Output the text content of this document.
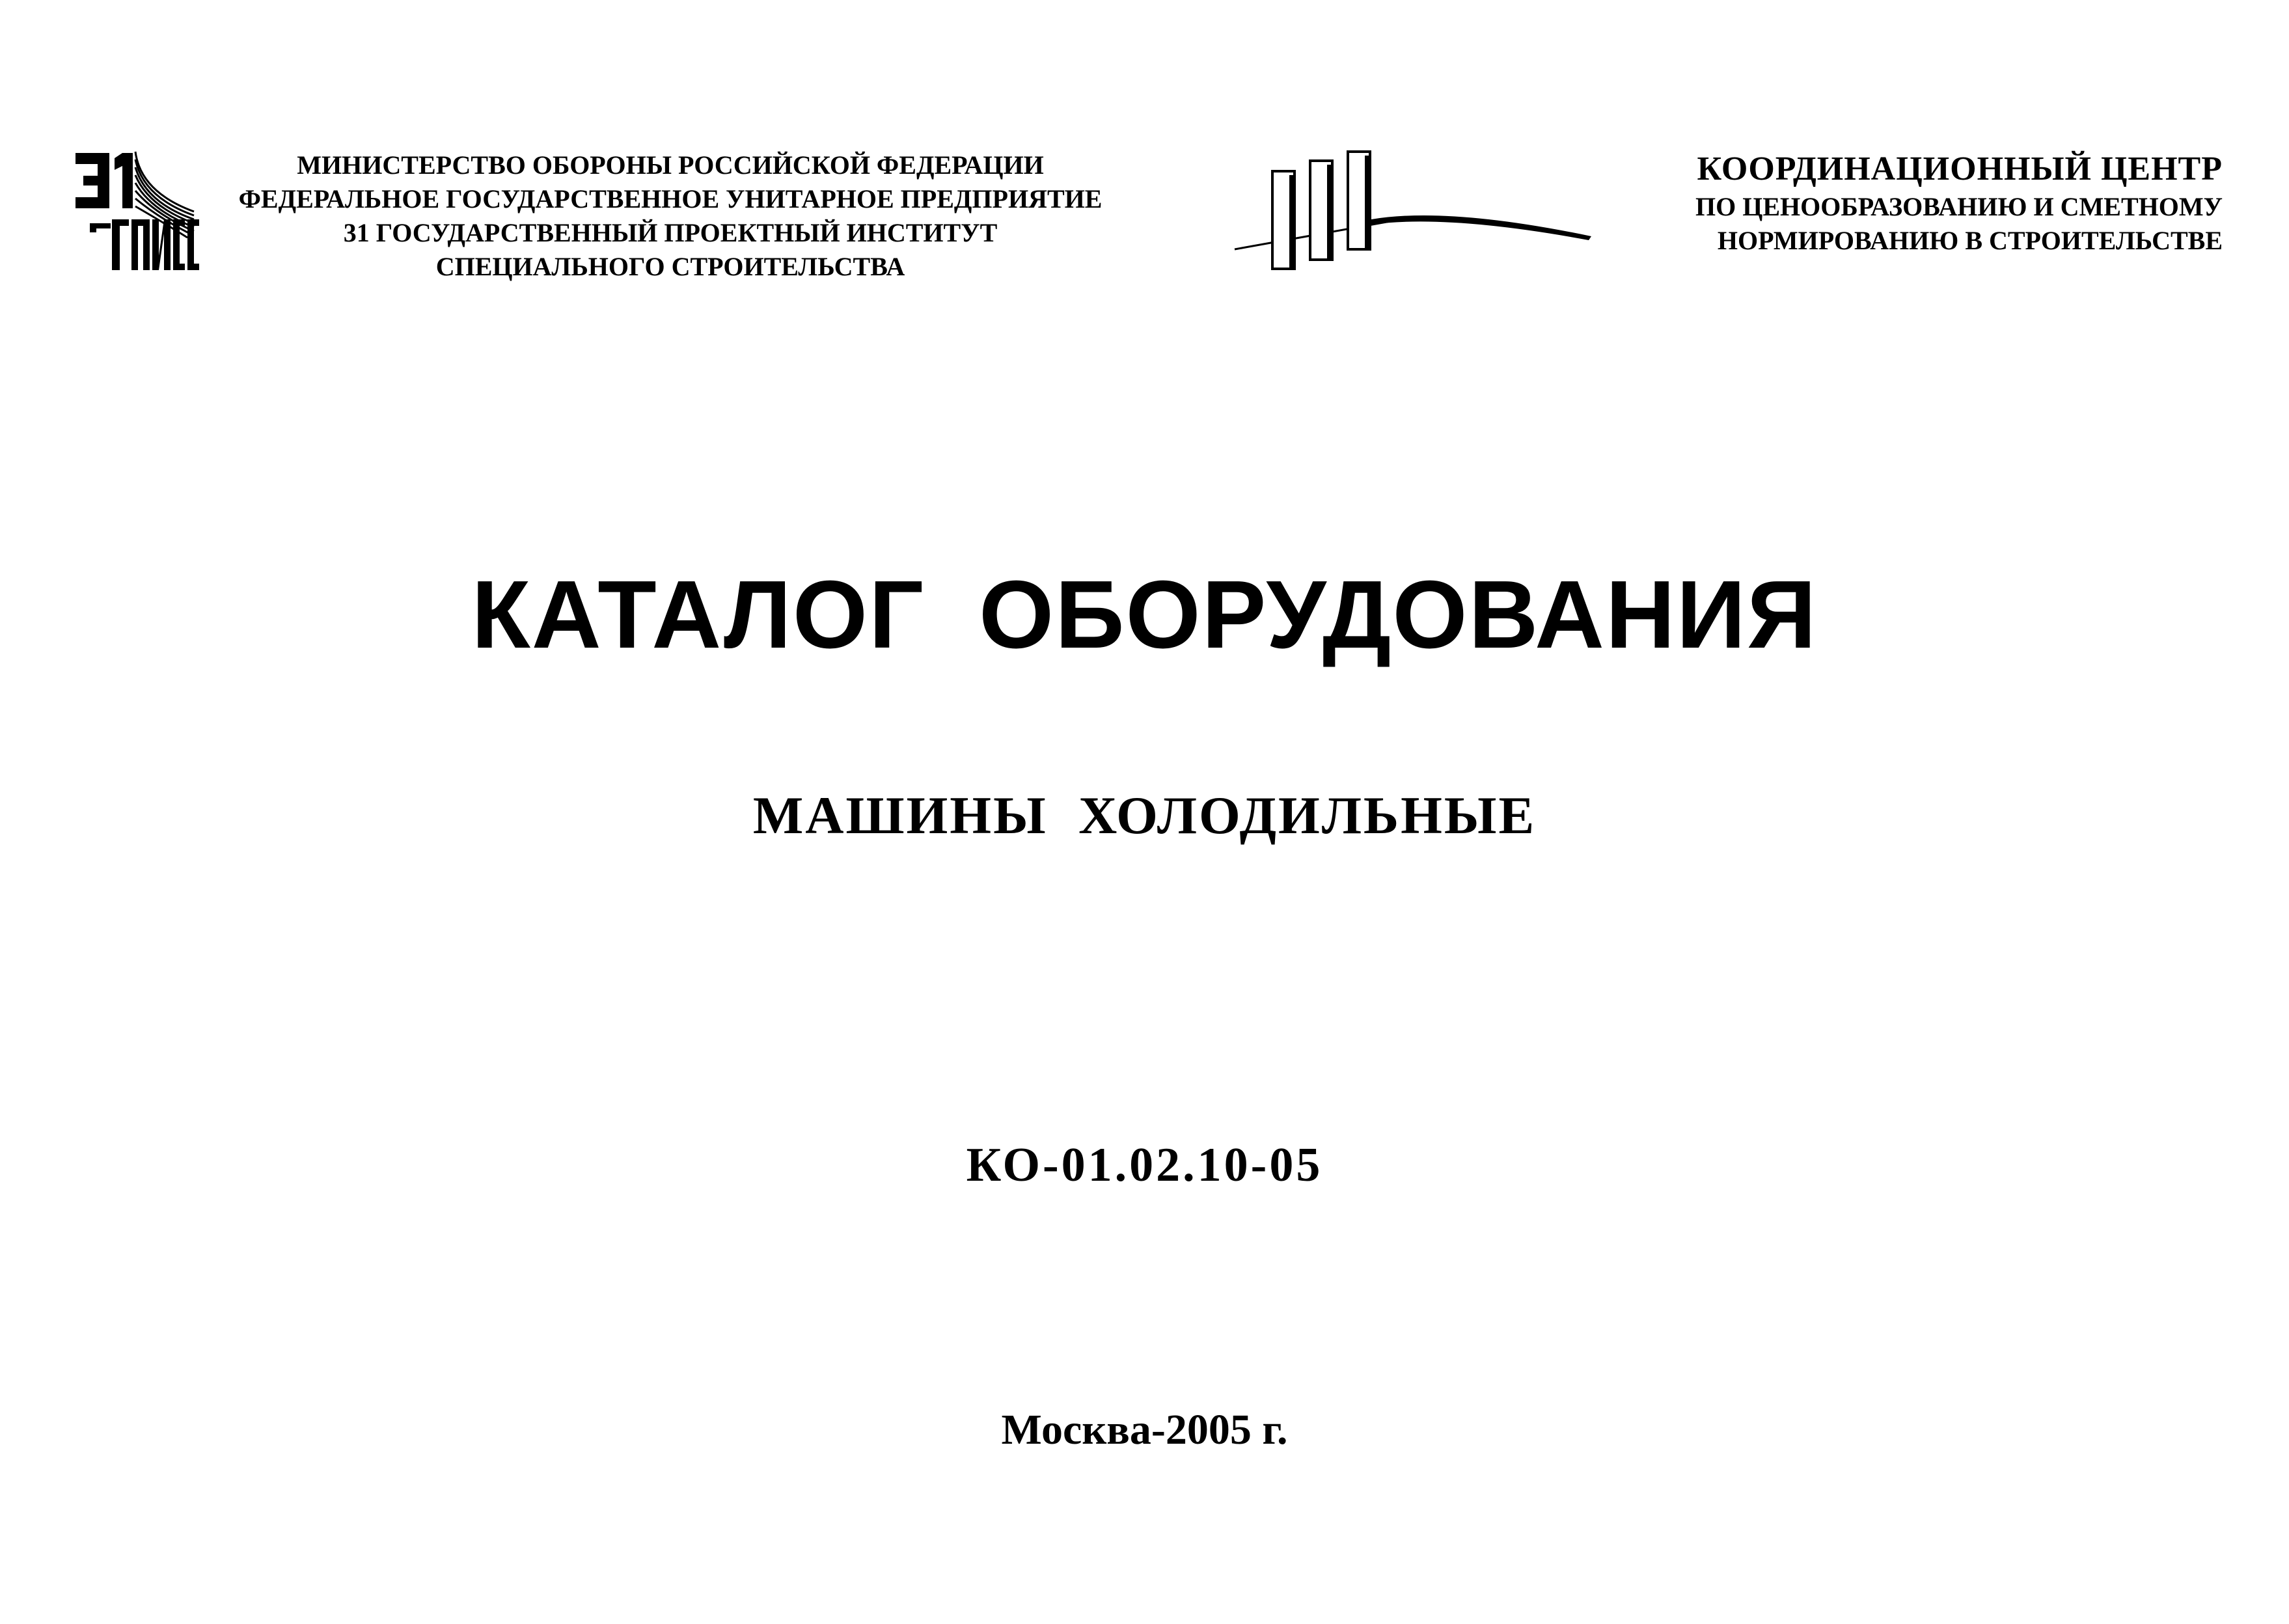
МИНИСТЕРСТВО ОБОРОНЫ РОССИЙСКОЙ ФЕДЕРАЦИИ
ФЕДЕРАЛЬНОЕ ГОСУДАРСТВЕННОЕ УНИТАРНОЕ ПРЕДПРИЯТИЕ
31 ГОСУДАРСТВЕННЫЙ ПРОЕКТНЫЙ ИНСТИТУТ
СПЕЦИАЛЬНОГО СТРОИТЕЛЬСТВА
КООРДИНАЦИОННЫЙ ЦЕНТР
ПО ЦЕНООБРАЗОВАНИЮ И СМЕТНОМУ
НОРМИРОВАНИЮ В СТРОИТЕЛЬСТВЕ
КАТАЛОГ ОБОРУДОВАНИЯ
МАШИНЫ ХОЛОДИЛЬНЫЕ
КО-01.02.10-05
Москва-2005 г.
